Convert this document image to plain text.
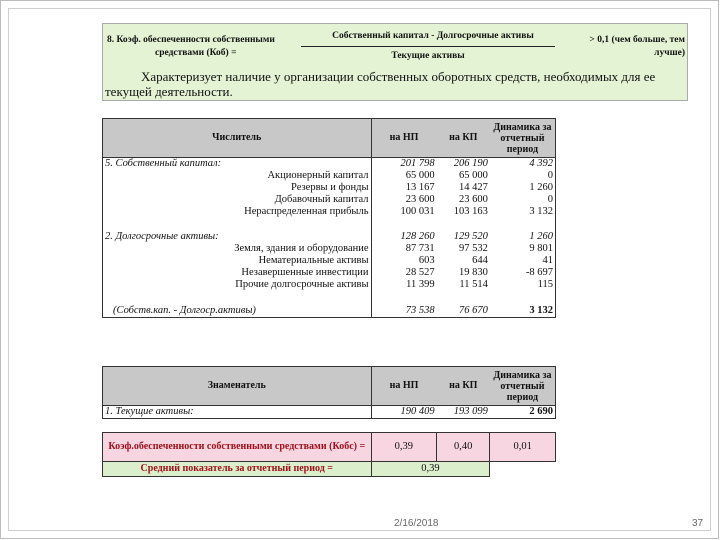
8. Коэф. обеспеченности собственными
средствами (Коб) =
Собственный капитал - Долгосрочные активы
Текущие активы
> 0,1 (чем больше, тем лучше)
Характеризует наличие у организации собственных оборотных средств, необходимых для ее текущей деятельности.
Числитель	на НП	на КП	Динамика за отчетный период
5. Собственный капитал:	201 798	206 190	4 392
Акционерный капитал	65 000	65 000	0
Резервы и фонды	13 167	14 427	1 260
Добавочный капитал	23 600	23 600	0
Нераспределенная прибыль	100 031	103 163	3 132

2. Долгосрочные активы:	128 260	129 520	1 260
Земля, здания и оборудование	87 731	97 532	9 801
Нематериальные активы	603	644	41
Незавершенные инвестиции	28 527	19 830	-8 697
Прочие долгосрочные активы	11 399	11 514	115

(Собств.кап. - Долгоср.активы)	73 538	76 670	3 132
Знаменатель	на НП	на КП	Динамика за отчетный период
1. Текущие активы:	190 409	193 099	2 690
Коэф.обеспеченности собственными средствами (Кобс) =	0,39	0,40	0,01
Средний показатель за отчетный период =	0,39		
2/16/2018	37
